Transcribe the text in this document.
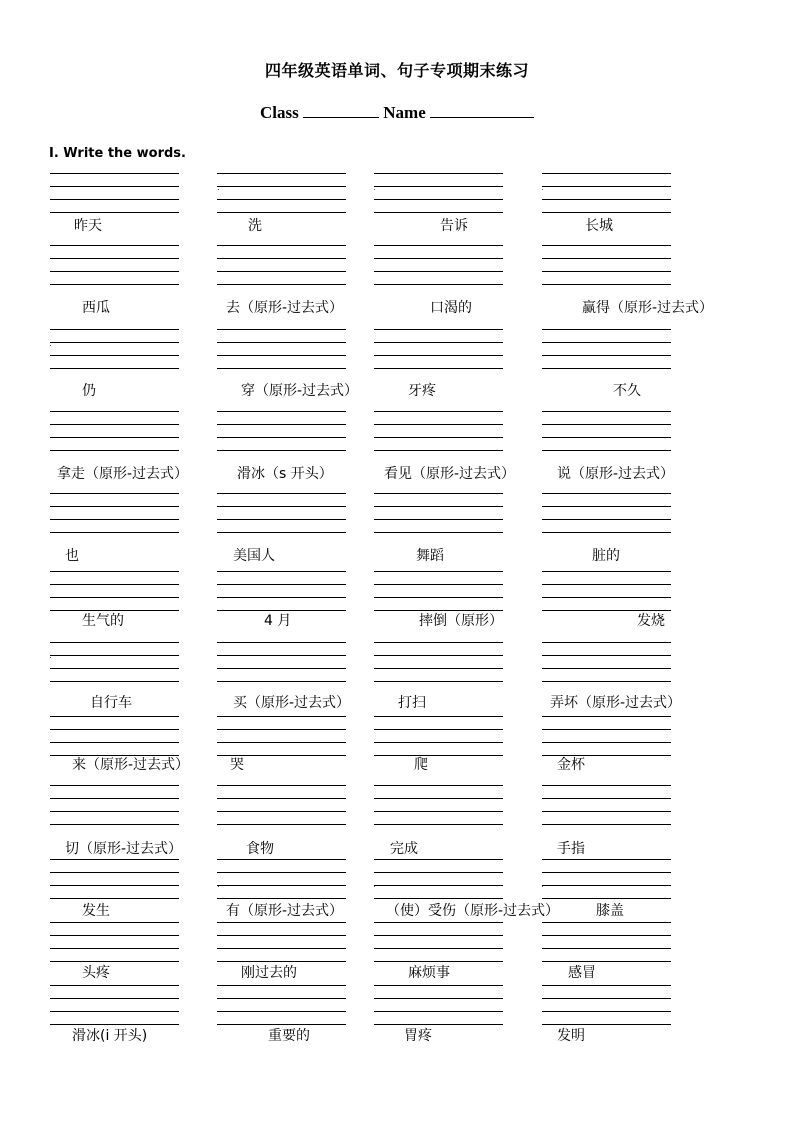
四年级英语单词、句子专项期末练习
Class	Name
I. Write the words.
昨天	洗	告诉	长城
西瓜	去（原形-过去式）	口渴的	赢得（原形-过去式）
仍	穿（原形-过去式）	牙疼	不久
拿走（原形-过去式）	滑冰（s 开头）	看见（原形-过去式）	说（原形-过去式）
也	美国人	舞蹈	脏的
生气的	4 月	摔倒（原形）	发烧
自行车	买（原形-过去式）	打扫	弄坏（原形-过去式）
来（原形-过去式）	哭	爬	金杯
切（原形-过去式）	食物	完成	手指
发生	有（原形-过去式）	（使）受伤（原形-过去式）	膝盖
头疼	刚过去的	麻烦事	感冒
滑冰(i 开头)	重要的	胃疼	发明
